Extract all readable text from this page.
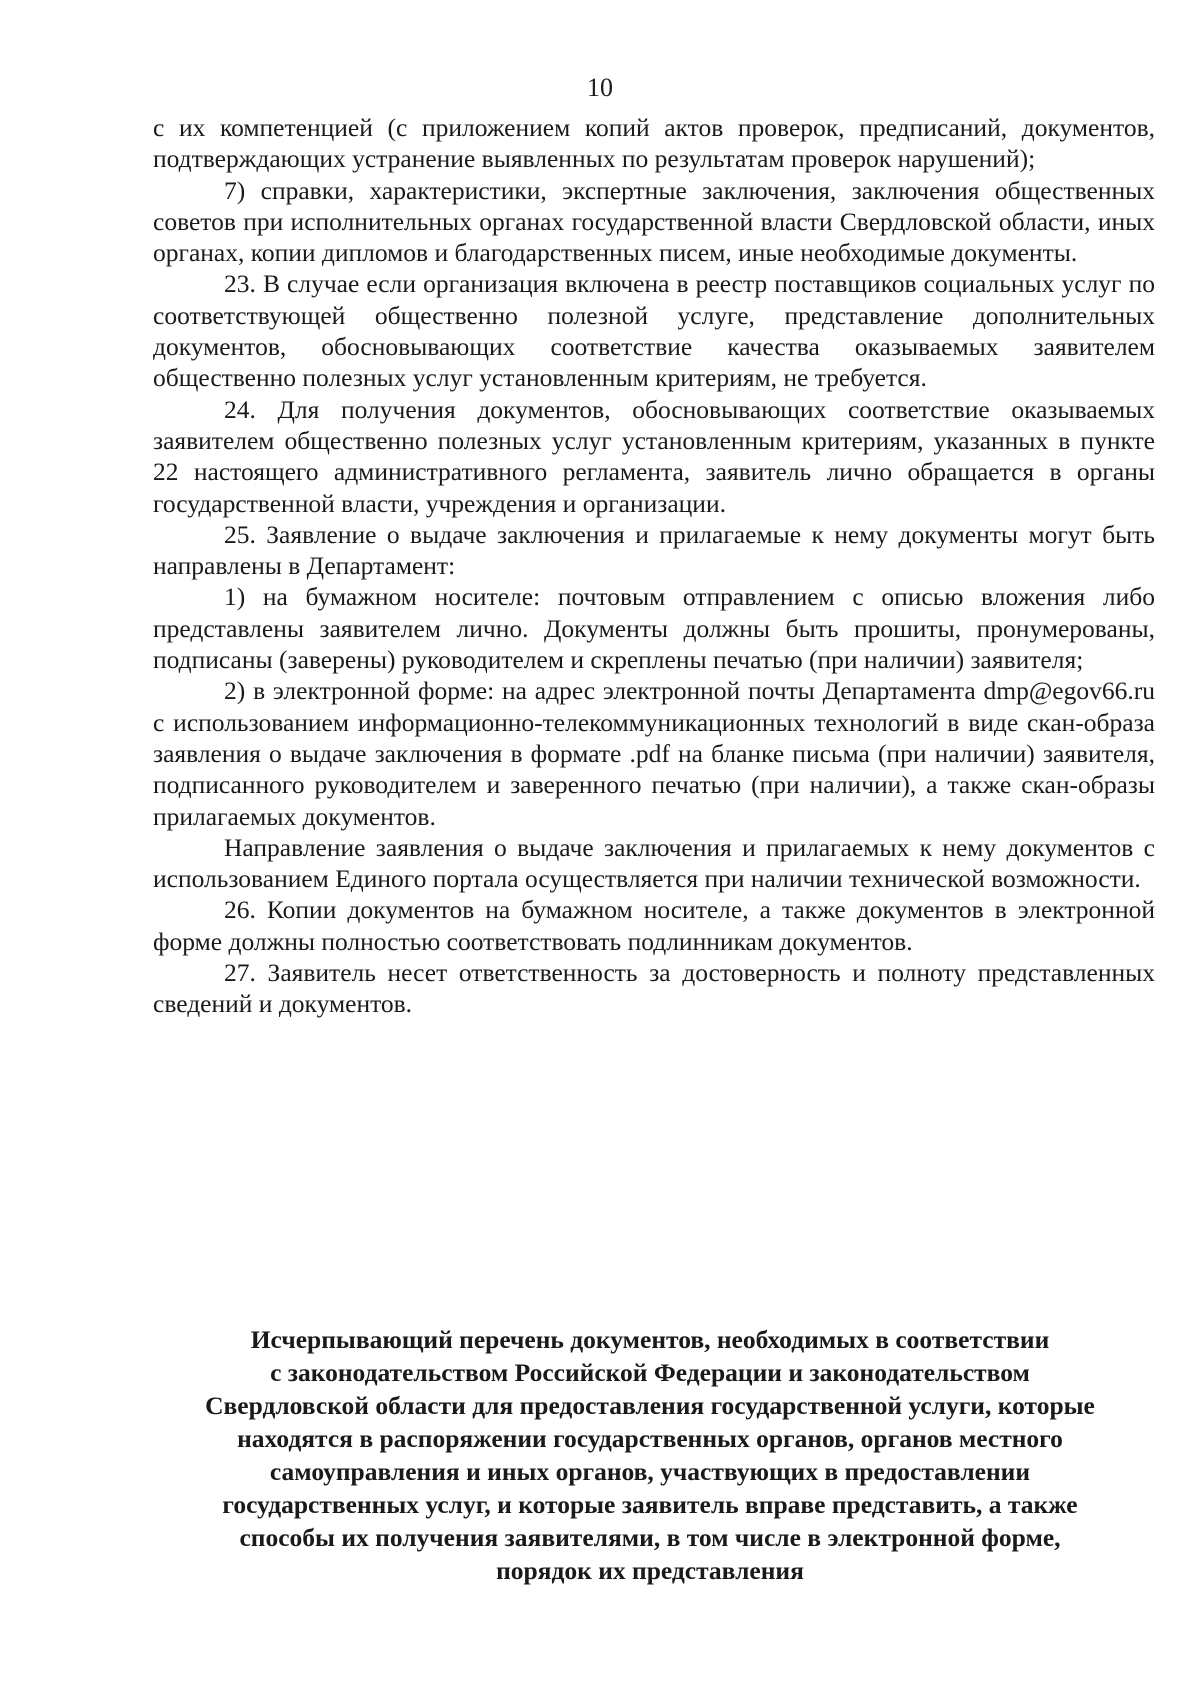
10

с их компетенцией (с приложением копий актов проверок, предписаний, документов, подтверждающих устранение выявленных по результатам проверок нарушений);

7) справки, характеристики, экспертные заключения, заключения общественных советов при исполнительных органах государственной власти Свердловской области, иных органах, копии дипломов и благодарственных писем, иные необходимые документы.

23. В случае если организация включена в реестр поставщиков социальных услуг по соответствующей общественно полезной услуге, представление дополнительных документов, обосновывающих соответствие качества оказываемых заявителем общественно полезных услуг установленным критериям, не требуется.

24. Для получения документов, обосновывающих соответствие оказываемых заявителем общественно полезных услуг установленным критериям, указанных в пункте 22 настоящего административного регламента, заявитель лично обращается в органы государственной власти, учреждения и организации.

25. Заявление о выдаче заключения и прилагаемые к нему документы могут быть направлены в Департамент:

1) на бумажном носителе: почтовым отправлением с описью вложения либо представлены заявителем лично. Документы должны быть прошиты, пронумерованы, подписаны (заверены) руководителем и скреплены печатью (при наличии) заявителя;

2) в электронной форме: на адрес электронной почты Департамента dmp@egov66.ru с использованием информационно-телекоммуникационных технологий в виде скан-образа заявления о выдаче заключения в формате .pdf на бланке письма (при наличии) заявителя, подписанного руководителем и заверенного печатью (при наличии), а также скан-образы прилагаемых документов.

Направление заявления о выдаче заключения и прилагаемых к нему документов с использованием Единого портала осуществляется при наличии технической возможности.

26. Копии документов на бумажном носителе, а также документов в электронной форме должны полностью соответствовать подлинникам документов.

27. Заявитель несет ответственность за достоверность и полноту представленных сведений и документов.

Исчерпывающий перечень документов, необходимых в соответствии
с законодательством Российской Федерации и законодательством
Свердловской области для предоставления государственной услуги, которые
находятся в распоряжении государственных органов, органов местного
самоуправления и иных органов, участвующих в предоставлении
государственных услуг, и которые заявитель вправе представить, а также
способы их получения заявителями, в том числе в электронной форме,
порядок их представления
